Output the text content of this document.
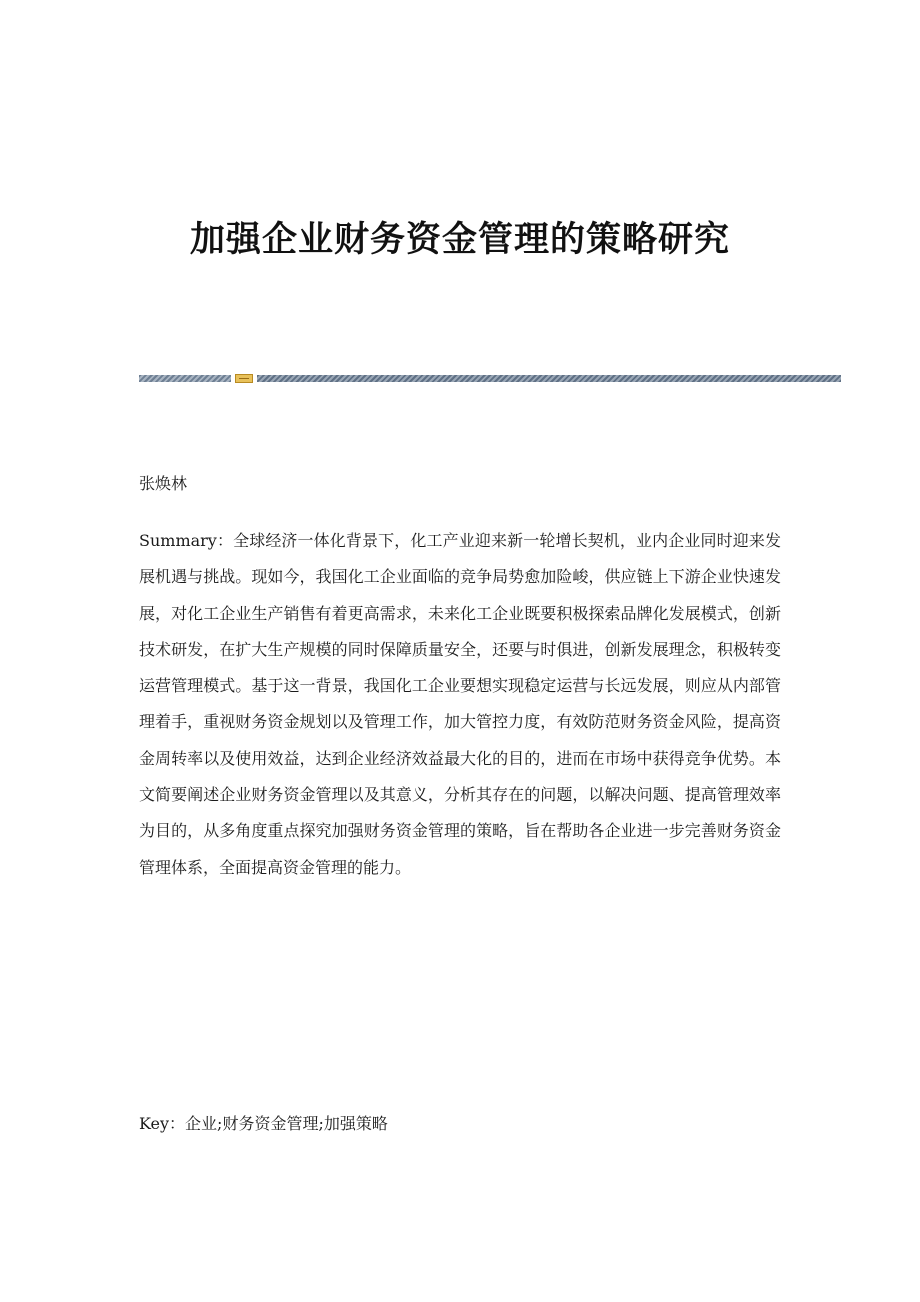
加强企业财务资金管理的策略研究
张焕林

Summary：全球经济一体化背景下，化工产业迎来新一轮增长契机，业内企业同时迎来发展机遇与挑战。现如今，我国化工企业面临的竞争局势愈加险峻，供应链上下游企业快速发展，对化工企业生产销售有着更高需求，未来化工企业既要积极探索品牌化发展模式，创新技术研发，在扩大生产规模的同时保障质量安全，还要与时俱进，创新发展理念，积极转变运营管理模式。基于这一背景，我国化工企业要想实现稳定运营与长远发展，则应从内部管理着手，重视财务资金规划以及管理工作，加大管控力度，有效防范财务资金风险，提高资金周转率以及使用效益，达到企业经济效益最大化的目的，进而在市场中获得竞争优势。本文简要阐述企业财务资金管理以及其意义，分析其存在的问题，以解决问题、提高管理效率为目的，从多角度重点探究加强财务资金管理的策略，旨在帮助各企业进一步完善财务资金管理体系，全面提高资金管理的能力。

Key：企业;财务资金管理;加强策略
